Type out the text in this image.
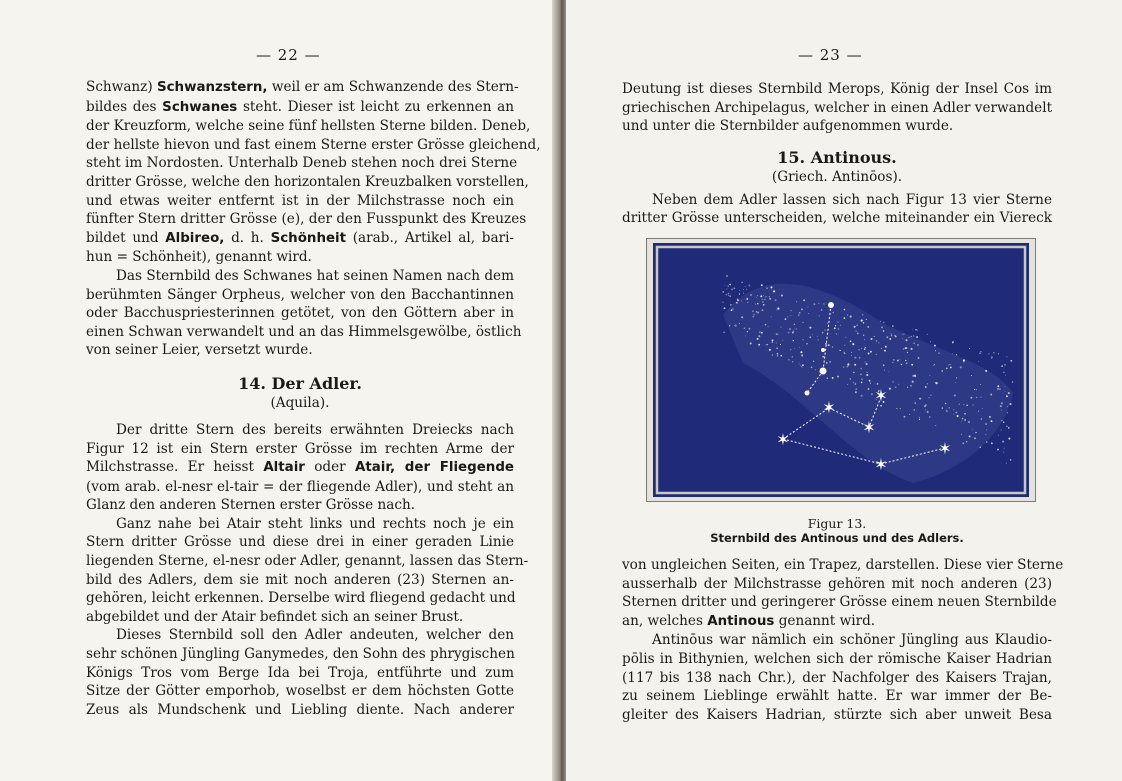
— 22 —

Schwanz) Schwanzstern, weil er am Schwanzende des Stern-

bildes des Schwanes steht. Dieser ist leicht zu erkennen an

der Kreuzform, welche seine fünf hellsten Sterne bilden. Deneb,

der hellste hievon und fast einem Sterne erster Grösse gleichend,

steht im Nordosten. Unterhalb Deneb stehen noch drei Sterne

dritter Grösse, welche den horizontalen Kreuzbalken vorstellen,

und etwas weiter entfernt ist in der Milchstrasse noch ein

fünfter Stern dritter Grösse (e), der den Fusspunkt des Kreuzes

bildet und Albireo, d. h. Schönheit (arab., Artikel al, bari-

hun = Schönheit), genannt wird.

Das Sternbild des Schwanes hat seinen Namen nach dem

berühmten Sänger Orpheus, welcher von den Bacchantinnen

oder Bacchuspriesterinnen getötet, von den Göttern aber in

einen Schwan verwandelt und an das Himmelsgewölbe, östlich

von seiner Leier, versetzt wurde.

14. Der Adler.

(Aquila).

Der dritte Stern des bereits erwähnten Dreiecks nach

Figur 12 ist ein Stern erster Grösse im rechten Arme der

Milchstrasse. Er heisst Altair oder Atair, der Fliegende

(vom arab. el-nesr el-tair = der fliegende Adler), und steht an

Glanz den anderen Sternen erster Grösse nach.

Ganz nahe bei Atair steht links und rechts noch je ein

Stern dritter Grösse und diese drei in einer geraden Linie

liegenden Sterne, el-nesr oder Adler, genannt, lassen das Stern-

bild des Adlers, dem sie mit noch anderen (23) Sternen an-

gehören, leicht erkennen. Derselbe wird fliegend gedacht und

abgebildet und der Atair befindet sich an seiner Brust.

Dieses Sternbild soll den Adler andeuten, welcher den

sehr schönen Jüngling Ganymedes, den Sohn des phrygischen

Königs Tros vom Berge Ida bei Troja, entführte und zum

Sitze der Götter emporhob, woselbst er dem höchsten Gotte

Zeus als Mundschenk und Liebling diente. Nach anderer

— 23 —

Deutung ist dieses Sternbild Merops, König der Insel Cos im

griechischen Archipelagus, welcher in einen Adler verwandelt

und unter die Sternbilder aufgenommen wurde.

15. Antinous.

(Griech. Antinōos).

Neben dem Adler lassen sich nach Figur 13 vier Sterne

dritter Grösse unterscheiden, welche miteinander ein Viereck

✶
✶
✶
✶
✶
✶

Figur 13.

Sternbild des Antinous und des Adlers.

von ungleichen Seiten, ein Trapez, darstellen. Diese vier Sterne

ausserhalb der Milchstrasse gehören mit noch anderen (23)

Sternen dritter und geringerer Grösse einem neuen Sternbilde

an, welches Antinous genannt wird.

Antinōus war nämlich ein schöner Jüngling aus Klaudio-

pōlis in Bithynien, welchen sich der römische Kaiser Hadrian

(117 bis 138 nach Chr.), der Nachfolger des Kaisers Trajan,

zu seinem Lieblinge erwählt hatte. Er war immer der Be-

gleiter des Kaisers Hadrian, stürzte sich aber unweit Besa
